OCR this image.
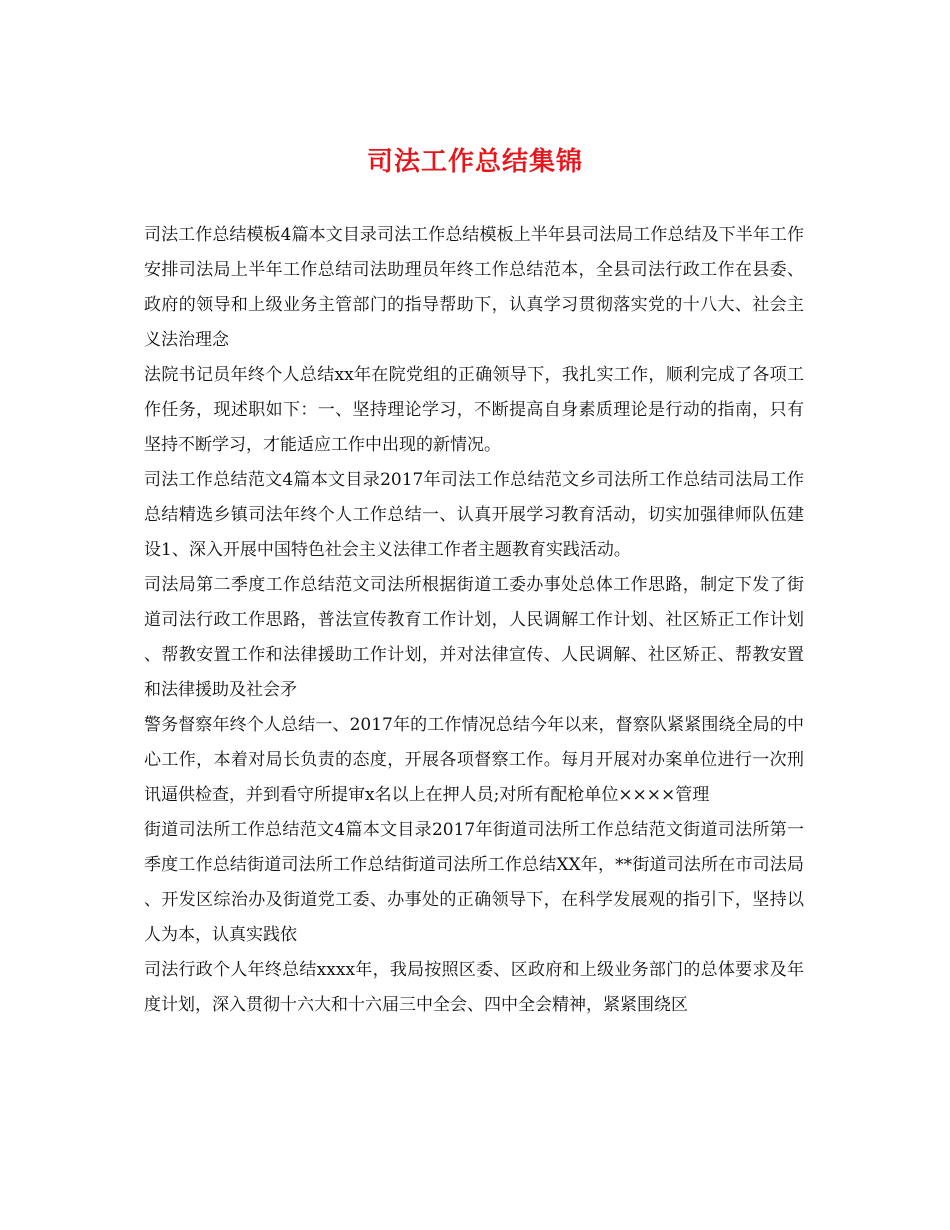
司法工作总结集锦

司法工作总结模板4篇本文目录司法工作总结模板上半年县司法局工作总结及下半年工作安排司法局上半年工作总结司法助理员年终工作总结范本，全县司法行政工作在县委、政府的领导和上级业务主管部门的指导帮助下，认真学习贯彻落实党的十八大、社会主义法治理念

法院书记员年终个人总结xx年在院党组的正确领导下，我扎实工作，顺利完成了各项工作任务，现述职如下：一、坚持理论学习，不断提高自身素质理论是行动的指南，只有坚持不断学习，才能适应工作中出现的新情况。

司法工作总结范文4篇本文目录2017年司法工作总结范文乡司法所工作总结司法局工作总结精选乡镇司法年终个人工作总结一、认真开展学习教育活动，切实加强律师队伍建设1、深入开展中国特色社会主义法律工作者主题教育实践活动。

司法局第二季度工作总结范文司法所根据街道工委办事处总体工作思路，制定下发了街道司法行政工作思路，普法宣传教育工作计划，人民调解工作计划、社区矫正工作计划、帮教安置工作和法律援助工作计划，并对法律宣传、人民调解、社区矫正、帮教安置和法律援助及社会矛

警务督察年终个人总结一、2017年的工作情况总结今年以来，督察队紧紧围绕全局的中心工作，本着对局长负责的态度，开展各项督察工作。每月开展对办案单位进行一次刑讯逼供检查，并到看守所提审x名以上在押人员;对所有配枪单位××××管理

街道司法所工作总结范文4篇本文目录2017年街道司法所工作总结范文街道司法所第一季度工作总结街道司法所工作总结街道司法所工作总结XX年，**街道司法所在市司法局、开发区综治办及街道党工委、办事处的正确领导下，在科学发展观的指引下，坚持以人为本，认真实践依

司法行政个人年终总结xxxx年，我局按照区委、区政府和上级业务部门的总体要求及年度计划，深入贯彻十六大和十六届三中全会、四中全会精神，紧紧围绕区
